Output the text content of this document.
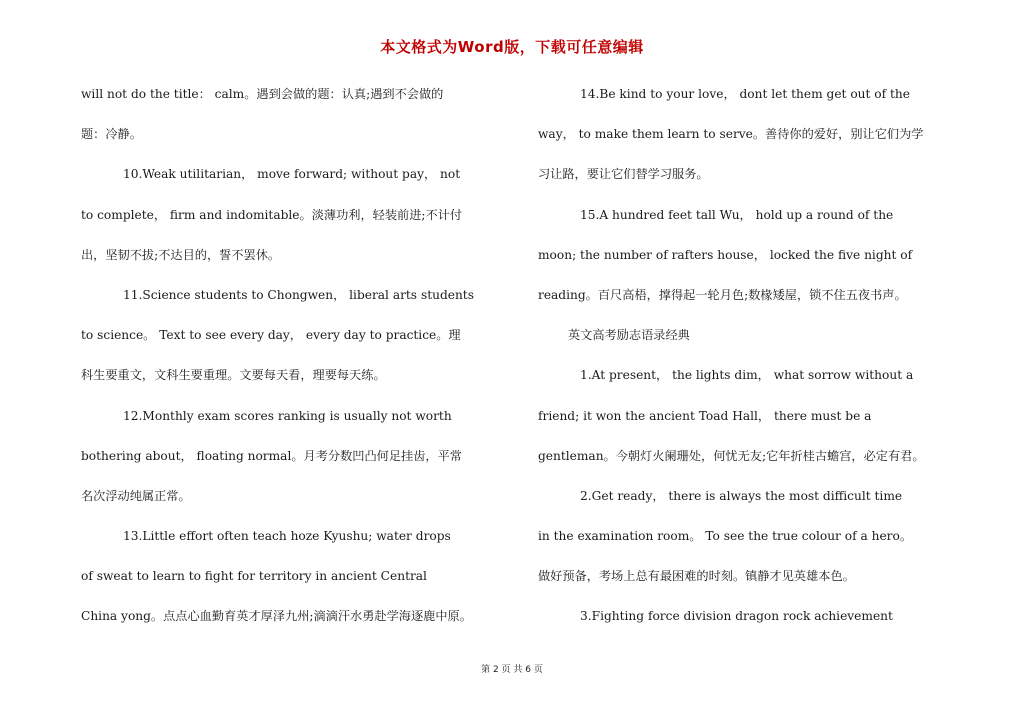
本文格式为Word版，下载可任意编辑
will not do the title： calm。遇到会做的题：认真;遇到不会做的
题：冷静。
10.Weak utilitarian， move forward; without pay， not
to complete， firm and indomitable。淡薄功利，轻装前进;不计付
出，坚韧不拔;不达目的，誓不罢休。
11.Science students to Chongwen， liberal arts students
to science。 Text to see every day， every day to practice。理
科生要重文，文科生要重理。文要每天看，理要每天练。
12.Monthly exam scores ranking is usually not worth
bothering about， floating normal。月考分数凹凸何足挂齿，平常
名次浮动纯属正常。
13.Little effort often teach hoze Kyushu; water drops
of sweat to learn to fight for territory in ancient Central
China yong。点点心血勤育英才厚泽九州;滴滴汗水勇赴学海逐鹿中原。
14.Be kind to your love， dont let them get out of the
way， to make them learn to serve。善待你的爱好，别让它们为学
习让路，要让它们替学习服务。
15.A hundred feet tall Wu， hold up a round of the
moon; the number of rafters house， locked the five night of
reading。百尺高梧，撑得起一轮月色;数椽矮屋，锁不住五夜书声。
英文高考励志语录经典
1.At present， the lights dim， what sorrow without a
friend; it won the ancient Toad Hall， there must be a
gentleman。今朝灯火阑珊处，何忧无友;它年折桂古蟾宫，必定有君。
2.Get ready， there is always the most difficult time
in the examination room。 To see the true colour of a hero。
做好预备，考场上总有最困难的时刻。镇静才见英雄本色。
3.Fighting force division dragon rock achievement
第 2 页 共 6 页
